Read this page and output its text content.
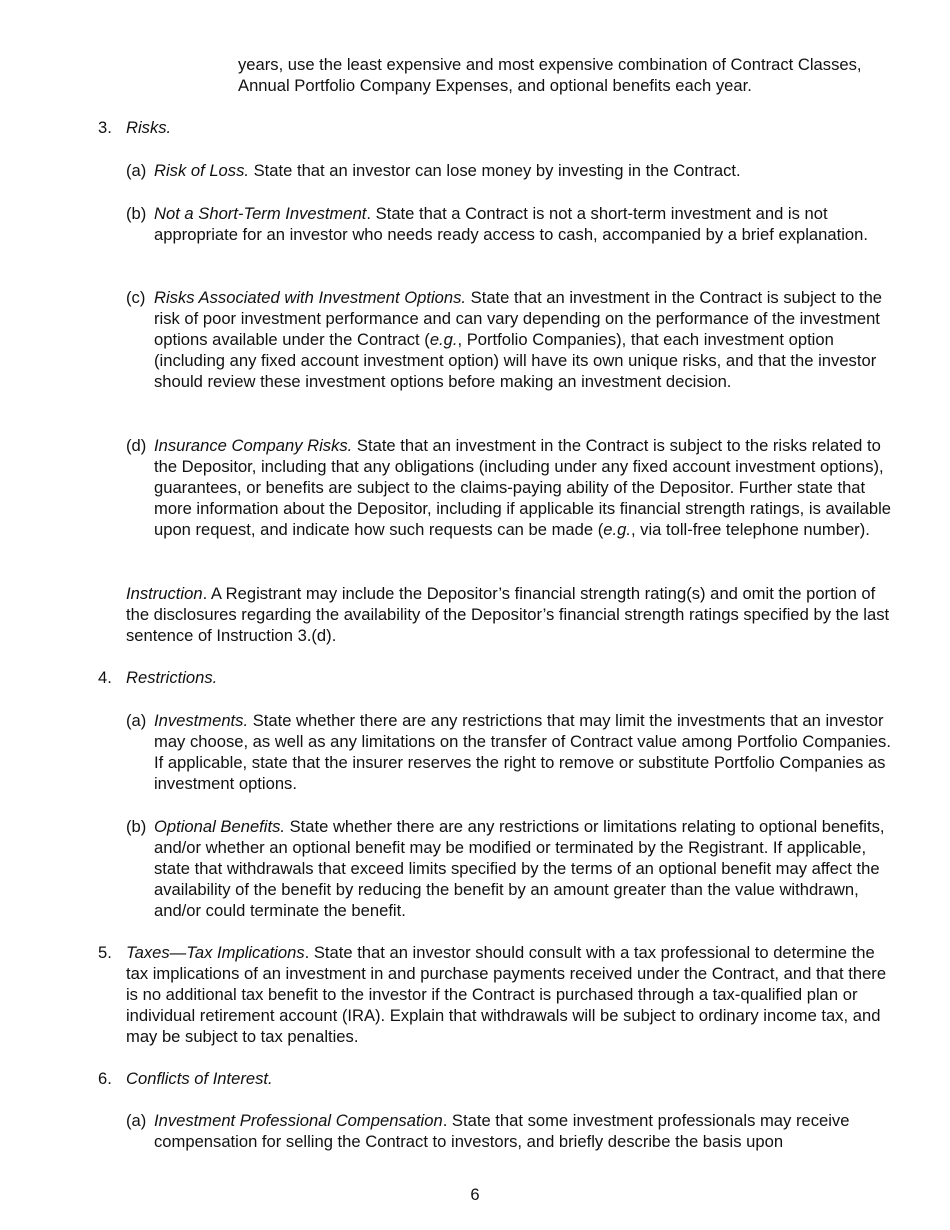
years, use the least expensive and most expensive combination of Contract Classes, Annual Portfolio Company Expenses, and optional benefits each year.

3. Risks.
(a) Risk of Loss. State that an investor can lose money by investing in the Contract.
(b) Not a Short-Term Investment. State that a Contract is not a short-term investment and is not appropriate for an investor who needs ready access to cash, accompanied by a brief explanation.
(c) Risks Associated with Investment Options. State that an investment in the Contract is subject to the risk of poor investment performance and can vary depending on the performance of the investment options available under the Contract (e.g., Portfolio Companies), that each investment option (including any fixed account investment option) will have its own unique risks, and that the investor should review these investment options before making an investment decision.
(d) Insurance Company Risks. State that an investment in the Contract is subject to the risks related to the Depositor, including that any obligations (including under any fixed account investment options), guarantees, or benefits are subject to the claims-paying ability of the Depositor. Further state that more information about the Depositor, including if applicable its financial strength ratings, is available upon request, and indicate how such requests can be made (e.g., via toll-free telephone number).
Instruction. A Registrant may include the Depositor’s financial strength rating(s) and omit the portion of the disclosures regarding the availability of the Depositor’s financial strength ratings specified by the last sentence of Instruction 3.(d).
4. Restrictions.
(a) Investments. State whether there are any restrictions that may limit the investments that an investor may choose, as well as any limitations on the transfer of Contract value among Portfolio Companies. If applicable, state that the insurer reserves the right to remove or substitute Portfolio Companies as investment options.
(b) Optional Benefits. State whether there are any restrictions or limitations relating to optional benefits, and/or whether an optional benefit may be modified or terminated by the Registrant. If applicable, state that withdrawals that exceed limits specified by the terms of an optional benefit may affect the availability of the benefit by reducing the benefit by an amount greater than the value withdrawn, and/or could terminate the benefit.
5. Taxes—Tax Implications. State that an investor should consult with a tax professional to determine the tax implications of an investment in and purchase payments received under the Contract, and that there is no additional tax benefit to the investor if the Contract is purchased through a tax-qualified plan or individual retirement account (IRA). Explain that withdrawals will be subject to ordinary income tax, and may be subject to tax penalties.
6. Conflicts of Interest.
(a) Investment Professional Compensation. State that some investment professionals may receive compensation for selling the Contract to investors, and briefly describe the basis upon
6
